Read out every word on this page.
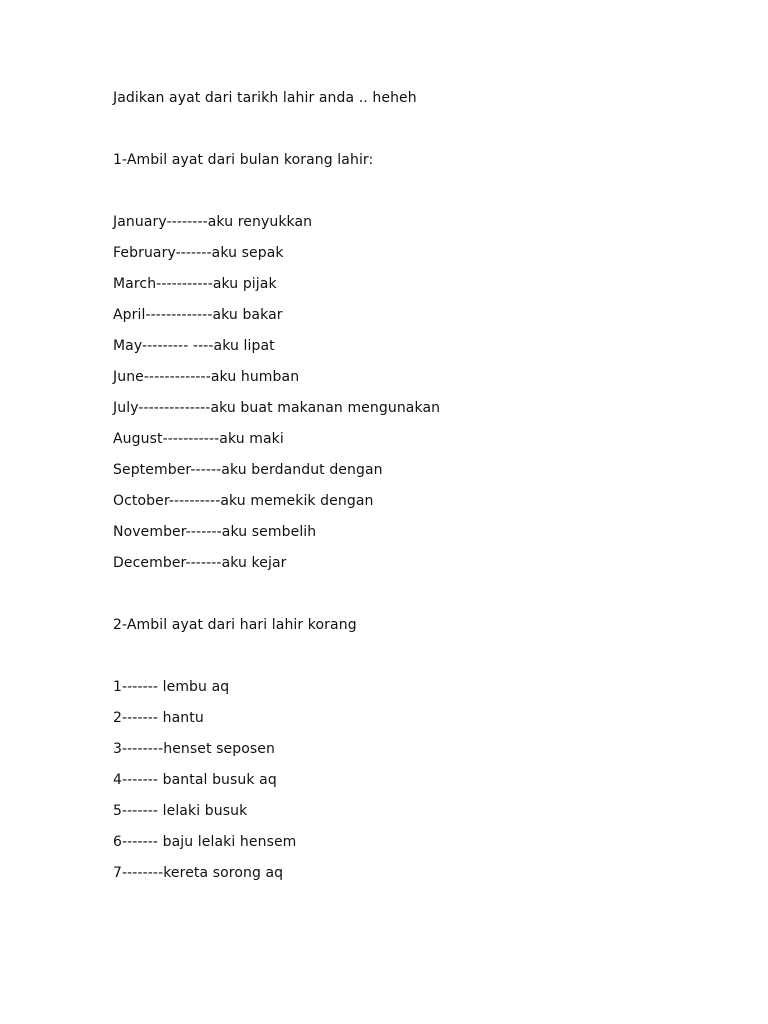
Jadikan ayat dari tarikh lahir anda .. heheh
1-Ambil ayat dari bulan korang lahir:
January--------aku renyukkan
February-------aku sepak
March-----------aku pijak
April-------------aku bakar
May--------- ----aku lipat
June-------------aku humban
July--------------aku buat makanan mengunakan
August-----------aku maki
September------aku berdandut dengan
October----------aku memekik dengan
November-------aku sembelih
December-------aku kejar
2-Ambil ayat dari hari lahir korang
1------- lembu aq
2------- hantu
3--------henset seposen
4------- bantal busuk aq
5------- lelaki busuk
6------- baju lelaki hensem
7--------kereta sorong aq
